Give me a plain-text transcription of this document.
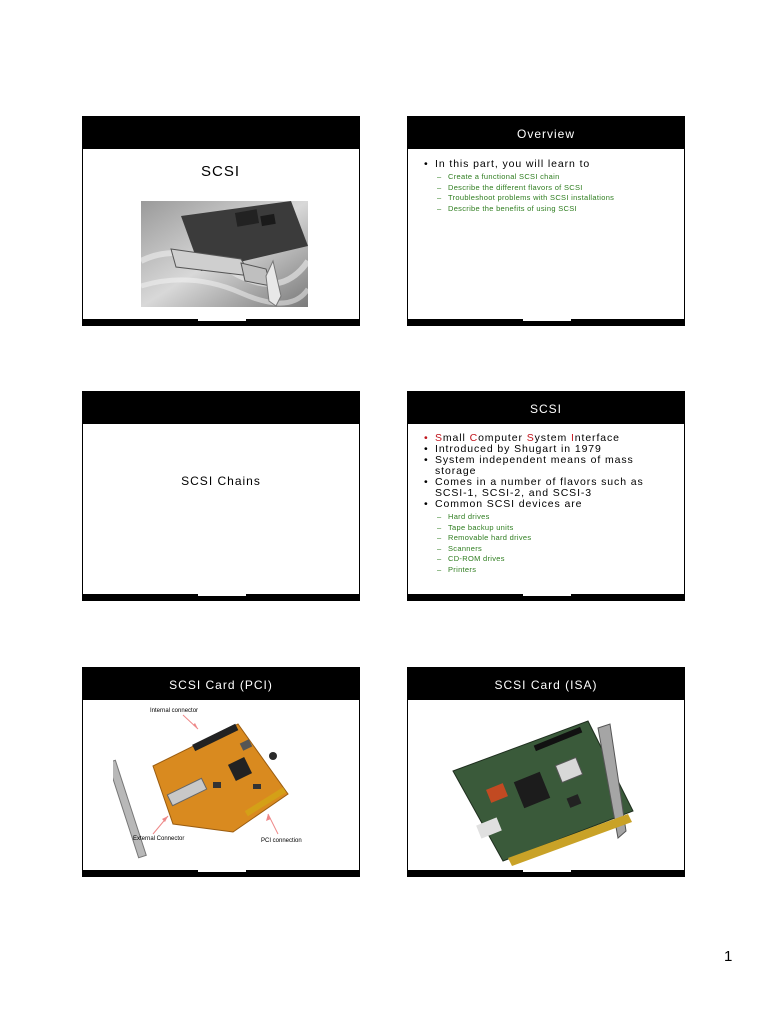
SCSI
Overview
• In this part, you will learn to
– Create a functional SCSI chain
– Describe the different flavors of SCSI
– Troubleshoot problems with SCSI installations
– Describe the benefits of using SCSI
SCSI Chains
SCSI
• Small Computer System Interface
• Introduced by Shugart in 1979
• System independent means of mass storage
• Comes in a number of flavors such as SCSI-1, SCSI-2, and SCSI-3
• Common SCSI devices are
– Hard drives
– Tape backup units
– Removable hard drives
– Scanners
– CD-ROM drives
– Printers
SCSI Card (PCI)
Internal connector
External Connector	PCI connection
SCSI Card (ISA)
1
